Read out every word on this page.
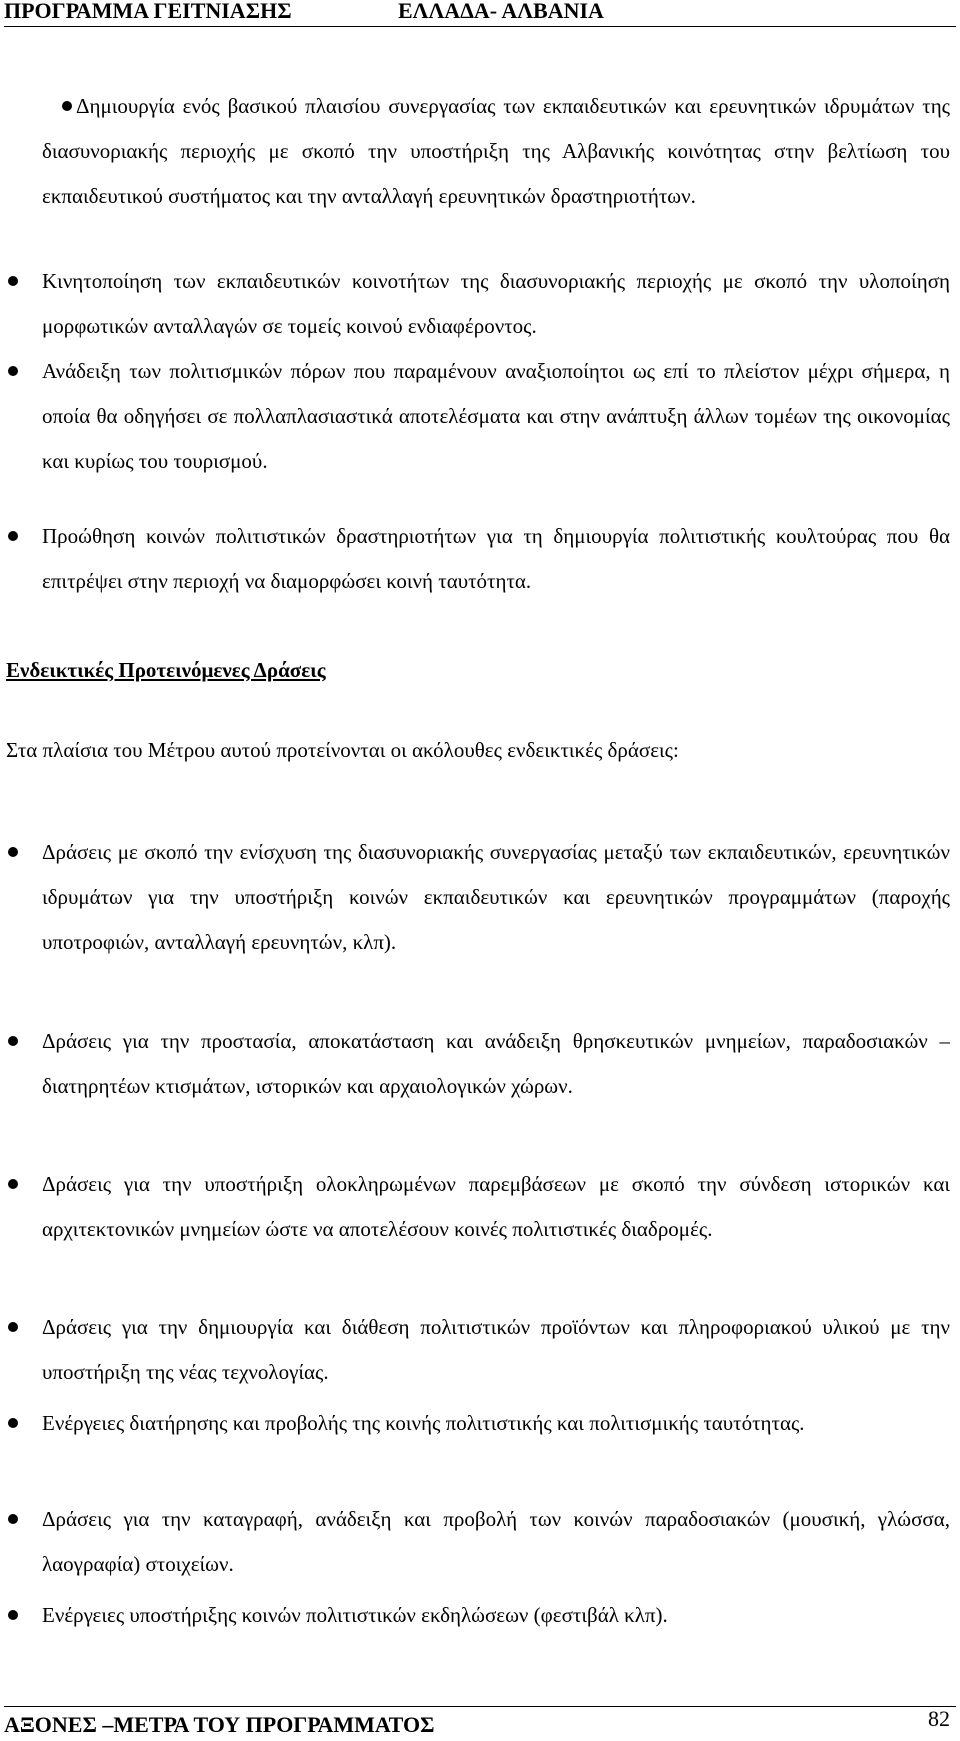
ΠΡΟΓΡΑΜΜΑ ΓΕΙΤΝΙΑΣΗΣ	ΕΛΛΑΔΑ- ΑΛΒΑΝΙΑ

Δημιουργία ενός βασικού πλαισίου συνεργασίας των εκπαιδευτικών και ερευνητικών ιδρυμάτων της διασυνοριακής περιοχής με σκοπό την υποστήριξη της Αλβανικής κοινότητας στην βελτίωση του εκπαιδευτικού συστήματος και την ανταλλαγή ερευνητικών δραστηριοτήτων.

Κινητοποίηση των εκπαιδευτικών κοινοτήτων της διασυνοριακής περιοχής με σκοπό την υλοποίηση μορφωτικών ανταλλαγών σε τομείς κοινού ενδιαφέροντος.

Ανάδειξη των πολιτισμικών πόρων που παραμένουν αναξιοποίητοι ως επί το πλείστον μέχρι σήμερα, η οποία θα οδηγήσει σε πολλαπλασιαστικά αποτελέσματα και στην ανάπτυξη άλλων τομέων της οικονομίας και κυρίως του τουρισμού.

Προώθηση κοινών πολιτιστικών δραστηριοτήτων για τη δημιουργία πολιτιστικής κουλτούρας που θα επιτρέψει στην περιοχή να διαμορφώσει κοινή ταυτότητα.

Ενδεικτικές Προτεινόμενες Δράσεις
Στα πλαίσια του Μέτρου αυτού προτείνονται οι ακόλουθες ενδεικτικές δράσεις:

Δράσεις με σκοπό την ενίσχυση της διασυνοριακής συνεργασίας μεταξύ των εκπαιδευτικών, ερευνητικών ιδρυμάτων για την υποστήριξη κοινών εκπαιδευτικών και ερευνητικών προγραμμάτων (παροχής υποτροφιών, ανταλλαγή ερευνητών, κλπ).

Δράσεις για την προστασία, αποκατάσταση και ανάδειξη θρησκευτικών μνημείων, παραδοσιακών –διατηρητέων κτισμάτων, ιστορικών και αρχαιολογικών χώρων.

Δράσεις για την υποστήριξη ολοκληρωμένων παρεμβάσεων με σκοπό την σύνδεση ιστορικών και αρχιτεκτονικών μνημείων ώστε να αποτελέσουν κοινές πολιτιστικές διαδρομές.

Δράσεις για την δημιουργία και διάθεση πολιτιστικών προϊόντων και πληροφοριακού υλικού με την υποστήριξη της νέας τεχνολογίας.

Ενέργειες διατήρησης και προβολής της κοινής πολιτιστικής και πολιτισμικής ταυτότητας.

Δράσεις για την καταγραφή, ανάδειξη και προβολή των κοινών παραδοσιακών (μουσική, γλώσσα, λαογραφία) στοιχείων.

Ενέργειες υποστήριξης κοινών πολιτιστικών εκδηλώσεων (φεστιβάλ κλπ).

ΑΞΟΝΕΣ –ΜΕΤΡΑ ΤΟΥ ΠΡΟΓΡΑΜΜΑΤΟΣ	82
